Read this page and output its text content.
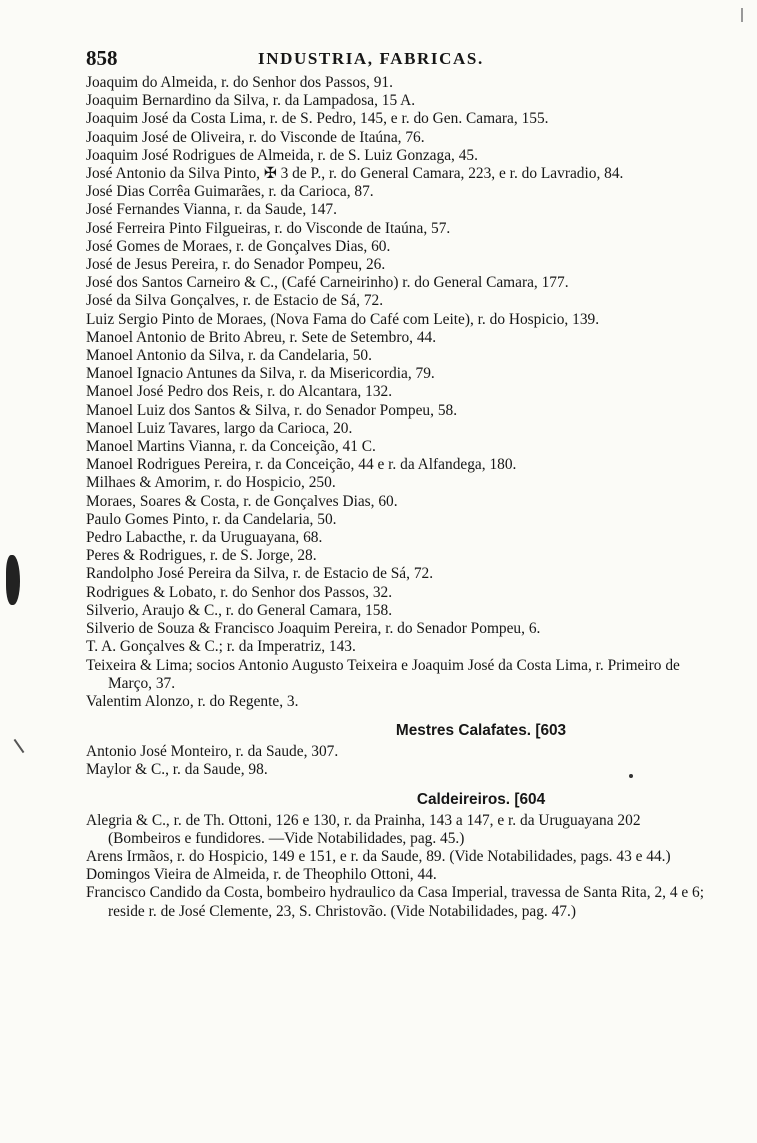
858	INDUSTRIA, FABRICAS.

Joaquim do Almeida, r. do Senhor dos Passos, 91.

Joaquim Bernardino da Silva, r. da Lampadosa, 15 A.

Joaquim José da Costa Lima, r. de S. Pedro, 145, e r. do Gen. Camara, 155.

Joaquim José de Oliveira, r. do Visconde de Itaúna, 76.

Joaquim José Rodrigues de Almeida, r. de S. Luiz Gonzaga, 45.

José Antonio da Silva Pinto, ✠ 3 de P., r. do General Camara, 223, e r. do Lavradio, 84.

José Dias Corrêa Guimarães, r. da Carioca, 87.

José Fernandes Vianna, r. da Saude, 147.

José Ferreira Pinto Filgueiras, r. do Visconde de Itaúna, 57.

José Gomes de Moraes, r. de Gonçalves Dias, 60.

José de Jesus Pereira, r. do Senador Pompeu, 26.

José dos Santos Carneiro & C., (Café Carneirinho) r. do General Camara, 177.

José da Silva Gonçalves, r. de Estacio de Sá, 72.

Luiz Sergio Pinto de Moraes, (Nova Fama do Café com Leite), r. do Hospicio, 139.

Manoel Antonio de Brito Abreu, r. Sete de Setembro, 44.

Manoel Antonio da Silva, r. da Candelaria, 50.

Manoel Ignacio Antunes da Silva, r. da Misericordia, 79.

Manoel José Pedro dos Reis, r. do Alcantara, 132.

Manoel Luiz dos Santos & Silva, r. do Senador Pompeu, 58.

Manoel Luiz Tavares, largo da Carioca, 20.

Manoel Martins Vianna, r. da Conceição, 41 C.

Manoel Rodrigues Pereira, r. da Conceição, 44 e r. da Alfandega, 180.

Milhaes & Amorim, r. do Hospicio, 250.

Moraes, Soares & Costa, r. de Gonçalves Dias, 60.

Paulo Gomes Pinto, r. da Candelaria, 50.

Pedro Labacthe, r. da Uruguayana, 68.

Peres & Rodrigues, r. de S. Jorge, 28.

Randolpho José Pereira da Silva, r. de Estacio de Sá, 72.

Rodrigues & Lobato, r. do Senhor dos Passos, 32.

Silverio, Araujo & C., r. do General Camara, 158.

Silverio de Souza & Francisco Joaquim Pereira, r. do Senador Pompeu, 6.

T. A. Gonçalves & C.; r. da Imperatriz, 143.

Teixeira & Lima; socios Antonio Augusto Teixeira e Joaquim José da Costa Lima, r. Primeiro de Março, 37.

Valentim Alonzo, r. do Regente, 3.

Mestres Calafates. [603

Antonio José Monteiro, r. da Saude, 307.

Maylor & C., r. da Saude, 98.

Caldeireiros. [604

Alegria & C., r. de Th. Ottoni, 126 e 130, r. da Prainha, 143 a 147, e r. da Uruguayana 202 (Bombeiros e fundidores. —Vide Notabilidades, pag. 45.)

Arens Irmãos, r. do Hospicio, 149 e 151, e r. da Saude, 89. (Vide Notabilidades, pags. 43 e 44.)

Domingos Vieira de Almeida, r. de Theophilo Ottoni, 44.

Francisco Candido da Costa, bombeiro hydraulico da Casa Imperial, travessa de Santa Rita, 2, 4 e 6; reside r. de José Clemente, 23, S. Christovão. (Vide Notabilidades, pag. 47.)
